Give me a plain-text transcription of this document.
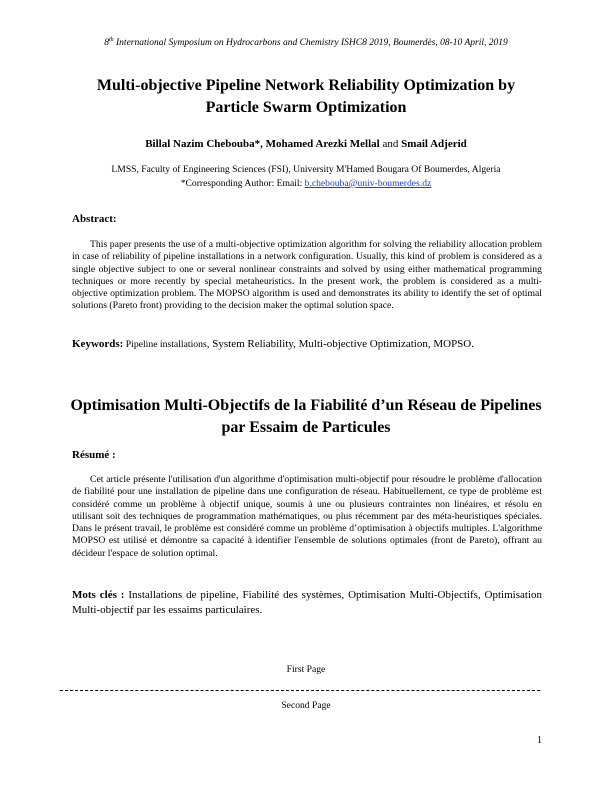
8th International Symposium on Hydrocarbons and Chemistry ISHC8 2019, Boumerdès, 08-10 April, 2019
Multi-objective Pipeline Network Reliability Optimization by Particle Swarm Optimization
Billal Nazim Chebouba*, Mohamed Arezki Mellal and Smail Adjerid
LMSS, Faculty of Engineering Sciences (FSI), University M'Hamed Bougara Of Boumerdes, Algeria
*Corresponding Author: Email: b.chebouba@univ-boumerdes.dz
Abstract:

This paper presents the use of a multi-objective optimization algorithm for solving the reliability allocation problem in case of reliability of pipeline installations in a network configuration. Usually, this kind of problem is considered as a single objective subject to one or several nonlinear constraints and solved by using either mathematical programming techniques or more recently by special metaheuristics. In the present work, the problem is considered as a multi-objective optimization problem. The MOPSO algorithm is used and demonstrates its ability to identify the set of optimal solutions (Pareto front) providing to the decision maker the optimal solution space.

Keywords: Pipeline installations, System Reliability, Multi-objective Optimization, MOPSO.
Optimisation Multi-Objectifs de la Fiabilité d’un Réseau de Pipelines par Essaim de Particules
Résumé :

Cet article présente l'utilisation d'un algorithme d'optimisation multi-objectif pour résoudre le problème d'allocation de fiabilité pour une installation de pipeline dans une configuration de réseau. Habituellement, ce type de problème est considéré comme un problème à objectif unique, soumis à une ou plusieurs contraintes non linéaires, et résolu en utilisant soit des techniques de programmation mathématiques, ou plus récemment par des méta-heuristiques spéciales. Dans le présent travail, le problème est considéré comme un problème d’optimisation à objectifs multiples. L'algorithme MOPSO est utilisé et démontre sa capacité à identifier l'ensemble de solutions optimales (front de Pareto), offrant au décideur l'espace de solution optimal.

Mots clés : Installations de pipeline, Fiabilité des systèmes, Optimisation Multi-Objectifs, Optimisation Multi-objectif par les essaims particulaires.
First Page
Second Page
1
